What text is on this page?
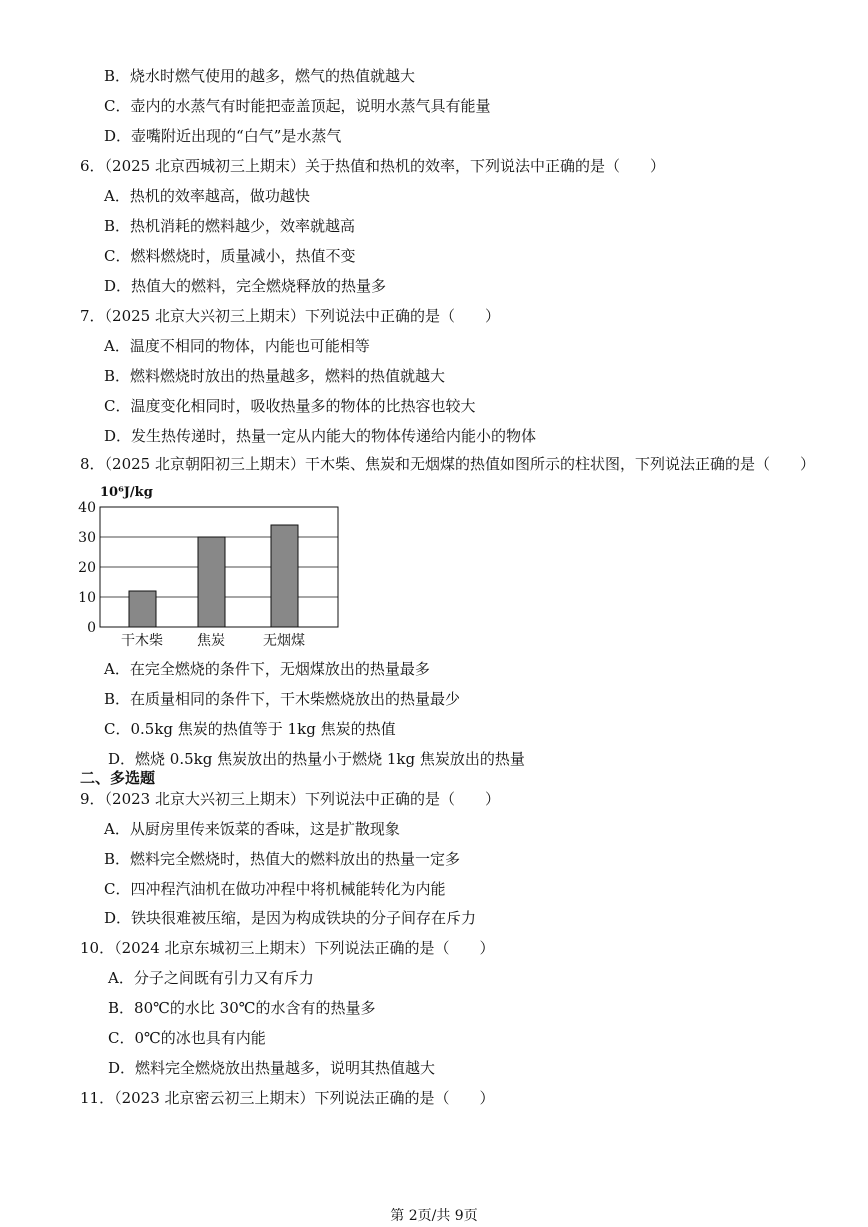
B．烧水时燃气使用的越多，燃气的热值就越大
C．壶内的水蒸气有时能把壶盖顶起，说明水蒸气具有能量
D．壶嘴附近出现的“白气”是水蒸气
6．（2025 北京西城初三上期末）关于热值和热机的效率，下列说法中正确的是（　　）
A．热机的效率越高，做功越快
B．热机消耗的燃料越少，效率就越高
C．燃料燃烧时，质量减小，热值不变
D．热值大的燃料，完全燃烧释放的热量多
7．（2025 北京大兴初三上期末）下列说法中正确的是（　　）
A．温度不相同的物体，内能也可能相等
B．燃料燃烧时放出的热量越多，燃料的热值就越大
C．温度变化相同时，吸收热量多的物体的比热容也较大
D．发生热传递时，热量一定从内能大的物体传递给内能小的物体
8．（2025 北京朝阳初三上期末）干木柴、焦炭和无烟煤的热值如图所示的柱状图，下列说法正确的是（　　）
A．在完全燃烧的条件下，无烟煤放出的热量最多
B．在质量相同的条件下，干木柴燃烧放出的热量最少
C．0.5kg 焦炭的热值等于 1kg 焦炭的热值
D．燃烧 0.5kg 焦炭放出的热量小于燃烧 1kg 焦炭放出的热量
二、多选题
9．（2023 北京大兴初三上期末）下列说法中正确的是（　　）
A．从厨房里传来饭菜的香味，这是扩散现象
B．燃料完全燃烧时，热值大的燃料放出的热量一定多
C．四冲程汽油机在做功冲程中将机械能转化为内能
D．铁块很难被压缩，是因为构成铁块的分子间存在斥力
10．（2024 北京东城初三上期末）下列说法正确的是（　　）
A．分子之间既有引力又有斥力
B．80℃的水比 30℃的水含有的热量多
C．0℃的冰也具有内能
D．燃料完全燃烧放出热量越多，说明其热值越大
11．（2023 北京密云初三上期末）下列说法正确的是（　　）
10⁶J/kg
40
30
20
10
0
干木柴 焦炭	无烟煤
第 2页/共 9页
